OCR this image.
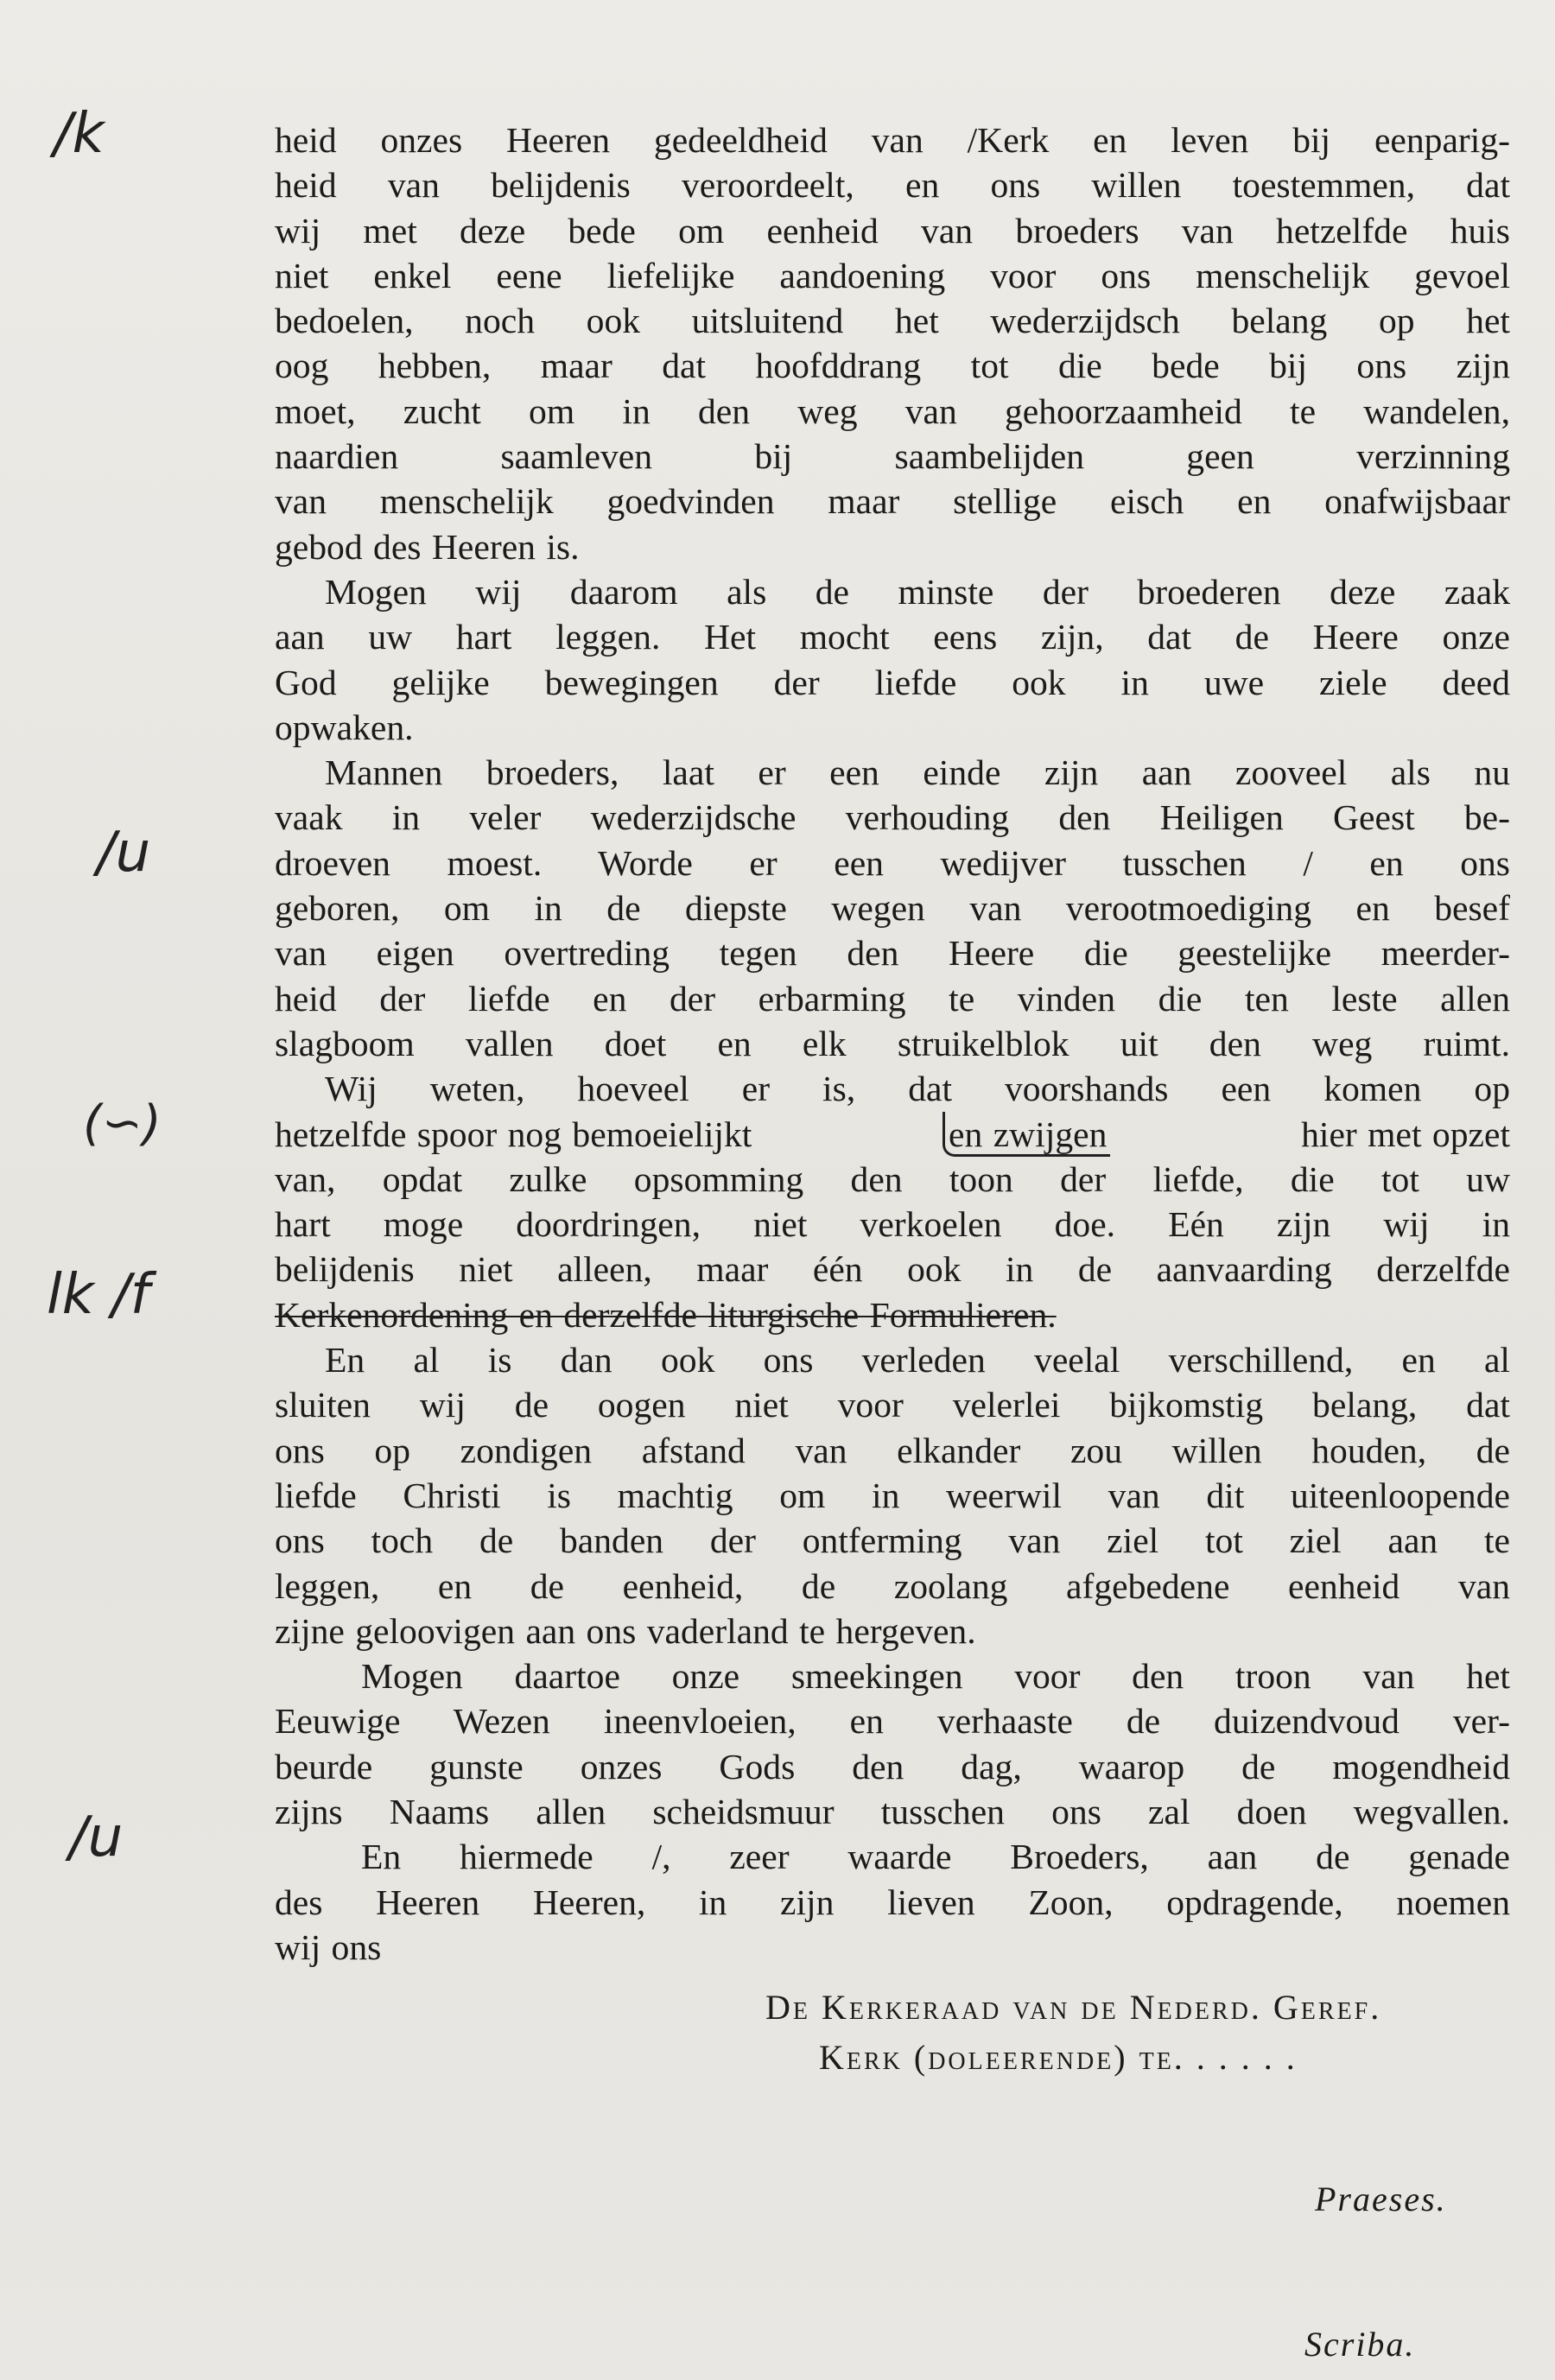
/k
/u
(∽)
lk /f
/u
heid onzes Heeren gedeeldheid van /Kerk en leven bij eenparig-
heid van belijdenis veroordeelt, en ons willen toestemmen, dat
wij met deze bede om eenheid van broeders van hetzelfde huis
niet enkel eene liefelijke aandoening voor ons menschelijk gevoel
bedoelen, noch ook uitsluitend het wederzijdsch belang op het
oog hebben, maar dat hoofddrang tot die bede bij ons zijn
moet, zucht om in den weg van gehoorzaamheid te wandelen,
naardien saamleven bij saambelijden geen verzinning
van menschelijk goedvinden maar stellige eisch en onafwijsbaar
gebod des Heeren is.
Mogen wij daarom als de minste der broederen deze zaak
aan uw hart leggen. Het mocht eens zijn, dat de Heere onze
God gelijke bewegingen der liefde ook in uwe ziele deed
opwaken.
Mannen broeders, laat er een einde zijn aan zooveel als nu
vaak in veler wederzijdsche verhouding den Heiligen Geest be-
droeven moest. Worde er een wedijver tusschen / en ons
geboren, om in de diepste wegen van verootmoediging en besef
van eigen overtreding tegen den Heere die geestelijke meerder-
heid der liefde en der erbarming te vinden die ten leste allen
slagboom vallen doet en elk struikelblok uit den weg ruimt.
Wij weten, hoeveel er is, dat voorshands een komen op
hetzelfde spoor nog bemoeielijkt	en zwijgen	hier met opzet
van, opdat zulke opsomming den toon der liefde, die tot uw
hart moge doordringen, niet verkoelen doe. Eén zijn wij in
belijdenis niet alleen, maar één ook in de aanvaarding derzelfde
Kerkenordening en derzelfde liturgische Formulieren.
En al is dan ook ons verleden veelal verschillend, en al
sluiten wij de oogen niet voor velerlei bijkomstig belang, dat
ons op zondigen afstand van elkander zou willen houden, de
liefde Christi is machtig om in weerwil van dit uiteenloopende
ons toch de banden der ontferming van ziel tot ziel aan te
leggen, en de eenheid, de zoolang afgebedene eenheid van
zijne geloovigen aan ons vaderland te hergeven.
Mogen daartoe onze smeekingen voor den troon van het
Eeuwige Wezen ineenvloeien, en verhaaste de duizendvoud ver-
beurde gunste onzes Gods den dag, waarop de mogendheid
zijns Naams allen scheidsmuur tusschen ons zal doen wegvallen.
En hiermede /, zeer waarde Broeders, aan de genade
des Heeren Heeren, in zijn lieven Zoon, opdragende, noemen
wij ons
De Kerkeraad van de Nederd. Geref.
Kerk (doleerende) te. . . . . .
Praeses.
Scriba.
